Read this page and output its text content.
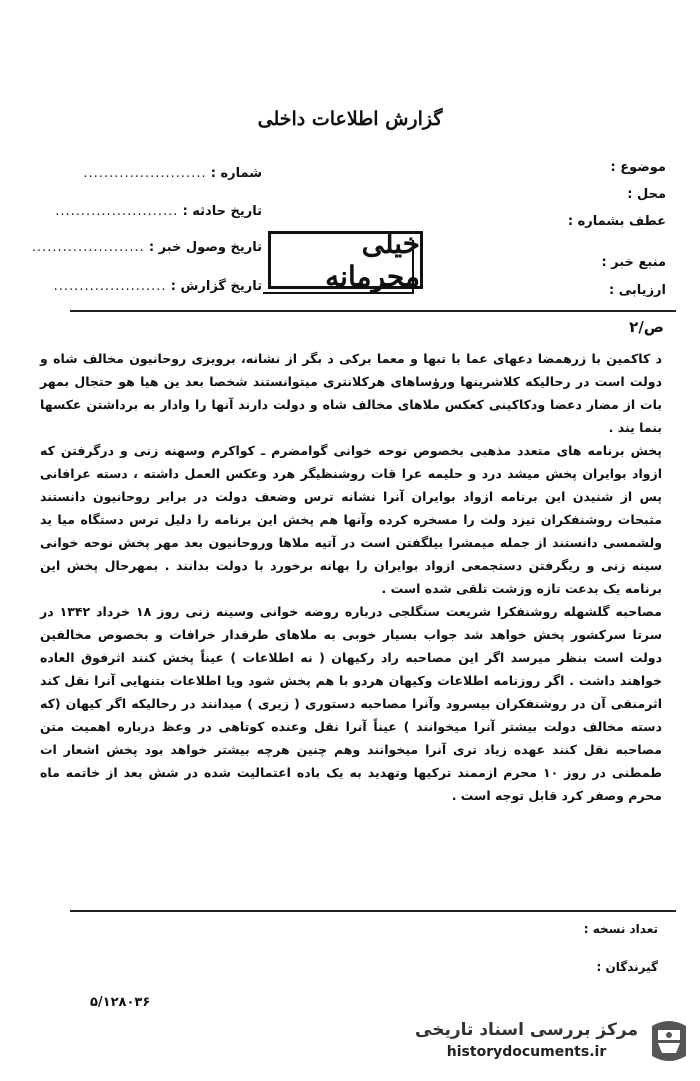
گزارش اطلاعات داخلی
موضوع :
محل :
عطف بشماره :
منبع خبر :
ارزیابی :
شماره : ........................
تاریخ حادثه : ........................
تاریخ وصول خبر : ......................
تاریخ گزارش : ......................
خیلی محرمانه
ص/۲

د کاکمین با زرهمضا دعهای عما با تبها و معما برکی د بگر از نشانه، برویزی روحانیون مخالف شاه و دولت است در رحالیکه کلاشرینها ورؤساهای هرکلانتری میتوانستند شخصا بعد ین هیا هو حتجال بمهر بات از مضار دعضا ودکاکینی کعکس ملاهای مخالف شاه و دولت دارند آنها را وادار به برداشتن عکسها بنما یند .

پخش برنامه های متعدد مذهبی بخصوص نوحه خوانی گوامضرم ـ کواکرم وسهنه زنی و درگرفتن که ازواد بوایران پخش میشد درد و حلیمه عرا قات روشنظیگر هرد وعکس العمل داشته ، دسته عرافانی پس از شنیدن این برنامه ازواد بوایران آنرا نشانه ترس وضعف دولت در برابر روحانیون دانستند مثبحات روشنفکران تیزد ولت را مسخره کرده وآنها هم پخش این برنامه را دلیل ترس دستگاه میا ید ولشمسی دانستند از جمله میمشرا بیلگفتن است در آتیه ملاها وروحانیون بعد مهر پخش نوحه خوانی سینه زنی و ریگرفتن دستجمعی ازواد بوایران را بهانه برخورد با دولت بدانند . بمهرحال پخش این برنامه یک بدعت تازه وزشت تلقی شده است .

مصاحبه گلشهله روشنفکرا شریعت سنگلجی درباره روضه خوانی وسینه زنی روز ۱۸ خرداد ۱۳۴۲ در سرتا سرکشور پخش خواهد شد جواب بسیار خوبی به ملاهای طرفدار خرافات و بخصوص مخالفین دولت است بنظر میرسد اگر این مصاحبه راد رکیهان ( نه اطلاعات ) عیناً پخش کنند اثرفوق العاده خواهند داشت . اگر روزنامه اطلاعات وکیهان هردو با هم پخش شود ویا اطلاعات بتنهایی آنرا نقل کند اثرمنفی آن در روشنفکران بیسرود وآنرا مصاحبه دستوری ( زیری ) میدانند در رحالیکه اگر کیهان (که دسته مخالف دولت بیشتر آنرا میخوانند ) عیناً آنرا نقل وعنده کوتاهی در وعظ درباره اهمیت متن مصاحبه نقل کنند عهده زیاد تری آنرا میخوانند وهم چنین هرچه بیشتر خواهد بود پخش اشعار ات طمطنی در روز ۱۰ محرم ازممند ترکیها وتهدید به یک باده اعتمالیت شده در شش بعد از خاتمه ماه محرم وصفر کرد قابل توجه است .

تعداد نسخه :
گیرندگان :
۵/۱۲۸۰۳۶
مرکز بررسی اسناد تاریخی
historydocuments.ir
